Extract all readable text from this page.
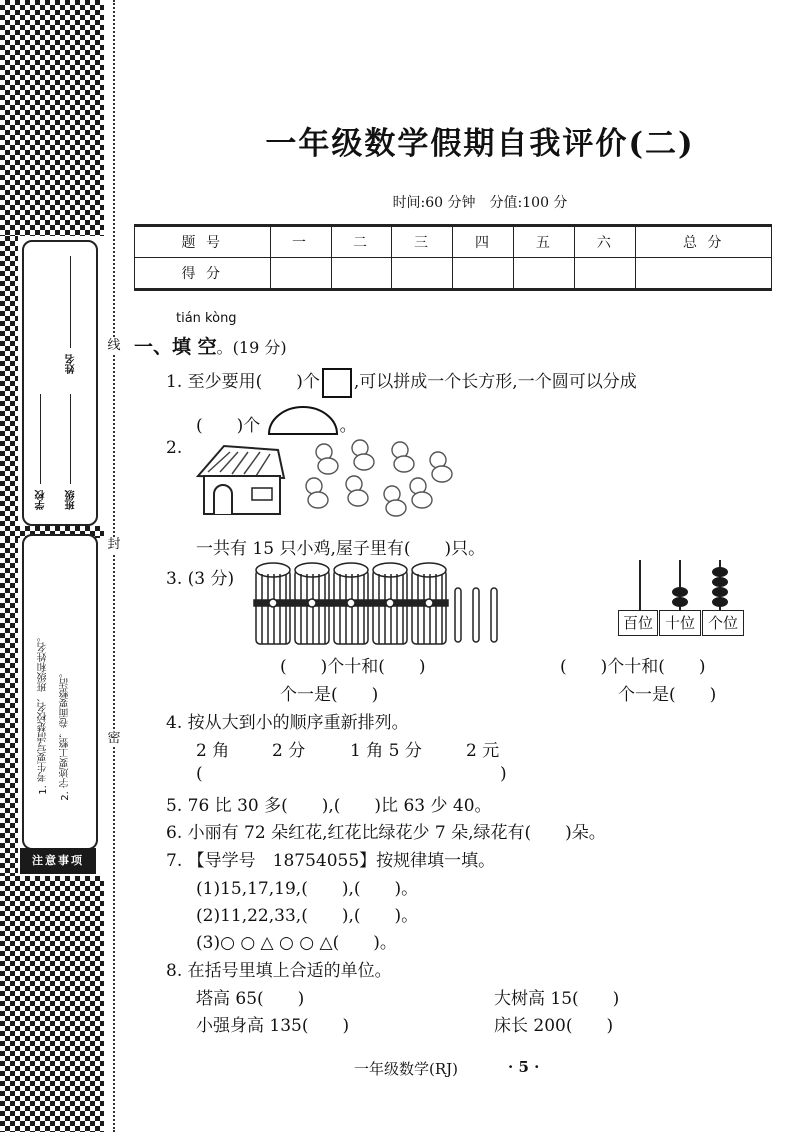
学校 班级
姓名
1. 考生要写清楚校名、班级和姓名。 2. 字迹要工整，卷面要整洁。
注意事项
线
封
密
一年级数学假期自我评价(二)
时间:60 分钟　分值:100 分
题 号	一	二	三	四	五	六	总 分
得 分							
tián kòng
一、填 空。(19 分)
1. 至少要用(　　)个 ,可以拼成一个长方形,一个圆可以分成
(　　)个	。
2.
一共有 15 只小鸡,屋子里有(　　)只。
3. (3 分)
百位 十位 个位
(　　)个十和(　　)
个一是(　　)
(　　)个十和(　　)
个一是(　　)
4. 按从大到小的顺序重新排列。
2 角	2 分	1 角 5 分	2 元
(	)
5. 76 比 30 多(　　),(　　)比 63 少 40。
6. 小丽有 72 朵红花,红花比绿花少 7 朵,绿花有(　　)朵。
7. 【导学号　18754055】按规律填一填。
(1)15,17,19,(　　),(　　)。
(2)11,22,33,(　　),(　　)。
(3)○ ○ △ ○ ○ △(　　)。
8. 在括号里填上合适的单位。
塔高 65(　　)	大树高 15(　　)
小强身高 135(　　)	床长 200(　　)
一年级数学(RJ)	· 5 ·
